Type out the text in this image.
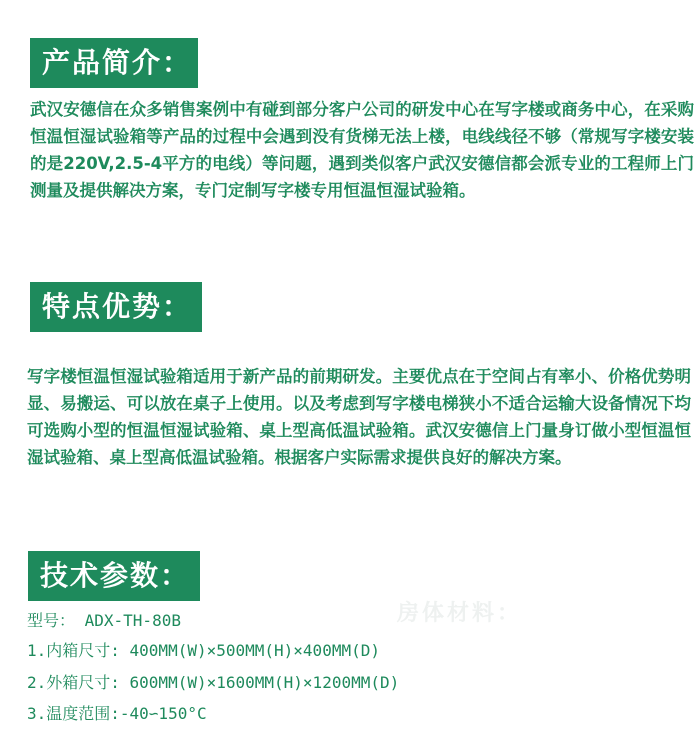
产品简介：

武汉安德信在众多销售案例中有碰到部分客户公司的研发中心在写字楼或商务中心，在采购恒温恒湿试验箱等产品的过程中会遇到没有货梯无法上楼，电线线径不够（常规写字楼安装的是220V,2.5-4平方的电线）等问题，遇到类似客户武汉安德信都会派专业的工程师上门测量及提供解决方案，专门定制写字楼专用恒温恒湿试验箱。

特点优势：

写字楼恒温恒湿试验箱适用于新产品的前期研发。主要优点在于空间占有率小、价格优势明显、易搬运、可以放在桌子上使用。以及考虑到写字楼电梯狭小不适合运输大设备情况下均可选购小型的恒温恒湿试验箱、桌上型高低温试验箱。武汉安德信上门量身订做小型恒温恒湿试验箱、桌上型高低温试验箱。根据客户实际需求提供良好的解决方案。

技术参数：
型号： ADX-TH-80B
1.内箱尺寸: 400MM(W)×500MM(H)×400MM(D)
2.外箱尺寸: 600MM(W)×1600MM(H)×1200MM(D)
3.温度范围:-40∽150°C
房体材料：
